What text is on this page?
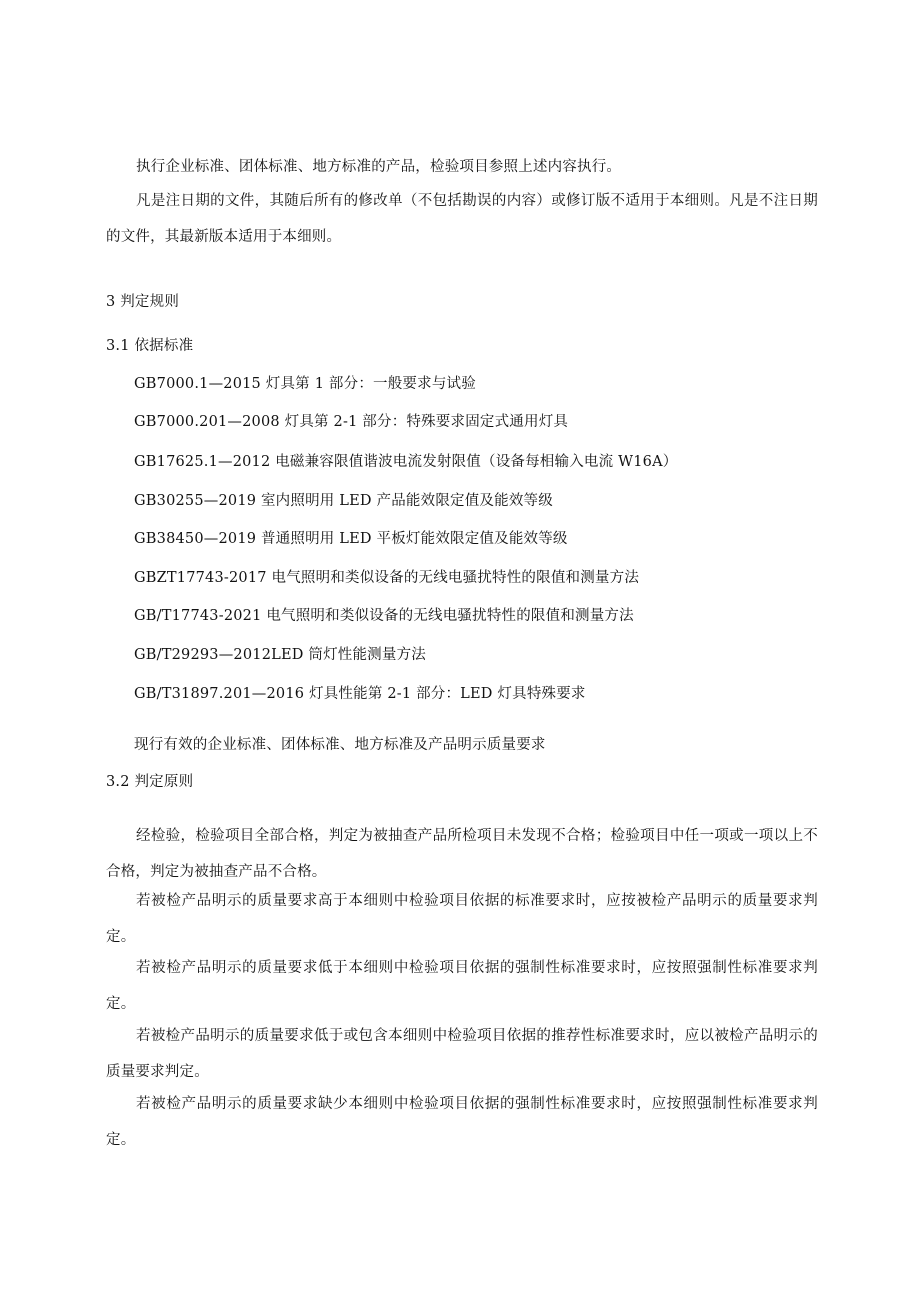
执行企业标准、团体标准、地方标准的产品，检验项目参照上述内容执行。
凡是注日期的文件，其随后所有的修改单（不包括勘误的内容）或修订版不适用于本细则。凡是不注日期的文件，其最新版本适用于本细则。
3 判定规则
3.1 依据标准
GB7000.1—2015 灯具第 1 部分：一般要求与试验
GB7000.201—2008 灯具第 2-1 部分：特殊要求固定式通用灯具
GB17625.1—2012 电磁兼容限值谐波电流发射限值（设备每相输入电流 W16A）
GB30255—2019 室内照明用 LED 产品能效限定值及能效等级
GB38450—2019 普通照明用 LED 平板灯能效限定值及能效等级
GBZT17743-2017 电气照明和类似设备的无线电骚扰特性的限值和测量方法
GB/T17743-2021 电气照明和类似设备的无线电骚扰特性的限值和测量方法
GB/T29293—2012LED 筒灯性能测量方法
GB/T31897.201—2016 灯具性能第 2-1 部分：LED 灯具特殊要求
现行有效的企业标准、团体标准、地方标准及产品明示质量要求
3.2 判定原则
经检验，检验项目全部合格，判定为被抽查产品所检项目未发现不合格；检验项目中任一项或一项以上不合格，判定为被抽查产品不合格。
若被检产品明示的质量要求高于本细则中检验项目依据的标准要求时，应按被检产品明示的质量要求判定。
若被检产品明示的质量要求低于本细则中检验项目依据的强制性标准要求时，应按照强制性标准要求判定。
若被检产品明示的质量要求低于或包含本细则中检验项目依据的推荐性标准要求时，应以被检产品明示的质量要求判定。
若被检产品明示的质量要求缺少本细则中检验项目依据的强制性标准要求时，应按照强制性标准要求判定。
